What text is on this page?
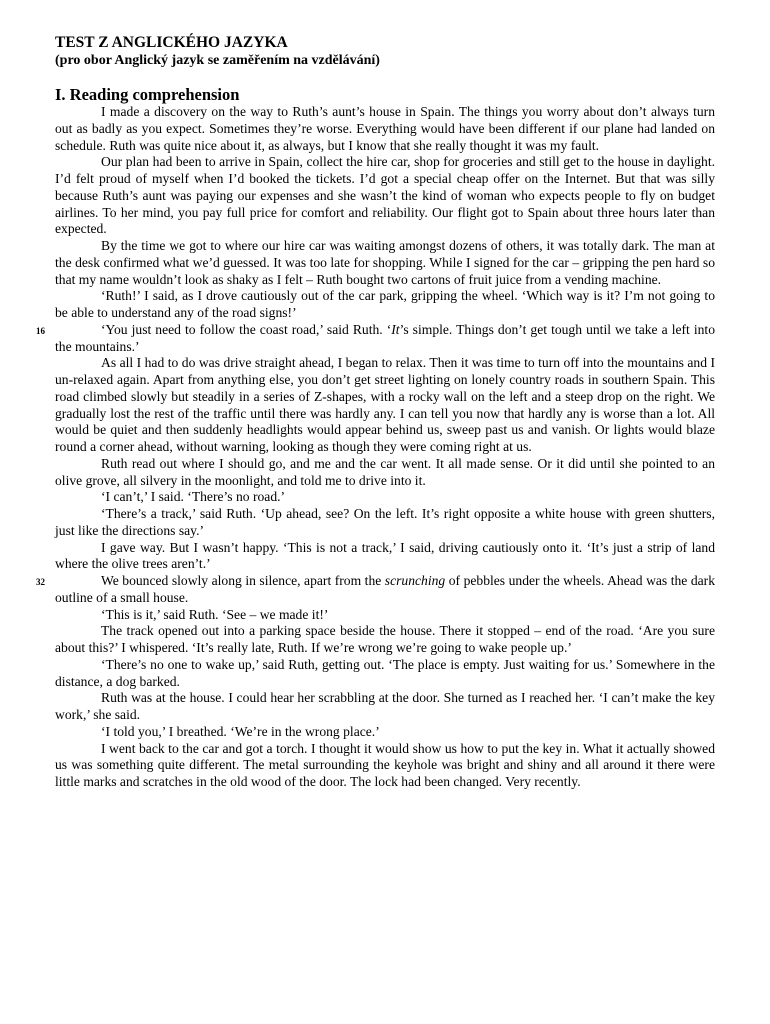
TEST Z ANGLICKÉHO JAZYKA
(pro obor Anglický jazyk se zaměřením na vzdělávání)
I. Reading comprehension

I made a discovery on the way to Ruth’s aunt’s house in Spain. The things you worry about don’t always turn out as badly as you expect. Sometimes they’re worse. Everything would have been different if our plane had landed on schedule. Ruth was quite nice about it, as always, but I know that she really thought it was my fault.

Our plan had been to arrive in Spain, collect the hire car, shop for groceries and still get to the house in daylight. I’d felt proud of myself when I’d booked the tickets. I’d got a special cheap offer on the Internet. But that was silly because Ruth’s aunt was paying our expenses and she wasn’t the kind of woman who expects people to fly on budget airlines. To her mind, you pay full price for comfort and reliability. Our flight got to Spain about three hours later than expected.

By the time we got to where our hire car was waiting amongst dozens of others, it was totally dark. The man at the desk confirmed what we’d guessed. It was too late for shopping. While I signed for the car – gripping the pen hard so that my name wouldn’t look as shaky as I felt – Ruth bought two cartons of fruit juice from a vending machine.

‘Ruth!’ I said, as I drove cautiously out of the car park, gripping the wheel. ‘Which way is it? I’m not going to be able to understand any of the road signs!’

16	‘You just need to follow the coast road,’ said Ruth. ‘It’s simple. Things don’t get tough until we take a left into the mountains.’

As all I had to do was drive straight ahead, I began to relax. Then it was time to turn off into the mountains and I un-relaxed again. Apart from anything else, you don’t get street lighting on lonely country roads in southern Spain. This road climbed slowly but steadily in a series of Z-shapes, with a rocky wall on the left and a steep drop on the right. We gradually lost the rest of the traffic until there was hardly any. I can tell you now that hardly any is worse than a lot. All would be quiet and then suddenly headlights would appear behind us, sweep past us and vanish. Or lights would blaze round a corner ahead, without warning, looking as though they were coming right at us.

Ruth read out where I should go, and me and the car went. It all made sense. Or it did until she pointed to an olive grove, all silvery in the moonlight, and told me to drive into it.

‘I can’t,’ I said. ‘There’s no road.’

‘There’s a track,’ said Ruth. ‘Up ahead, see? On the left. It’s right opposite a white house with green shutters, just like the directions say.’

I gave way. But I wasn’t happy. ‘This is not a track,’ I said, driving cautiously onto it. ‘It’s just a strip of land where the olive trees aren’t.’

32	We bounced slowly along in silence, apart from the scrunching of pebbles under the wheels. Ahead was the dark outline of a small house.

‘This is it,’ said Ruth. ‘See – we made it!’

The track opened out into a parking space beside the house. There it stopped – end of the road. ‘Are you sure about this?’ I whispered. ‘It’s really late, Ruth. If we’re wrong we’re going to wake people up.’

‘There’s no one to wake up,’ said Ruth, getting out. ‘The place is empty. Just waiting for us.’ Somewhere in the distance, a dog barked.

Ruth was at the house. I could hear her scrabbling at the door. She turned as I reached her. ‘I can’t make the key work,’ she said.

‘I told you,’ I breathed. ‘We’re in the wrong place.’

I went back to the car and got a torch. I thought it would show us how to put the key in. What it actually showed us was something quite different. The metal surrounding the keyhole was bright and shiny and all around it there were little marks and scratches in the old wood of the door. The lock had been changed. Very recently.
